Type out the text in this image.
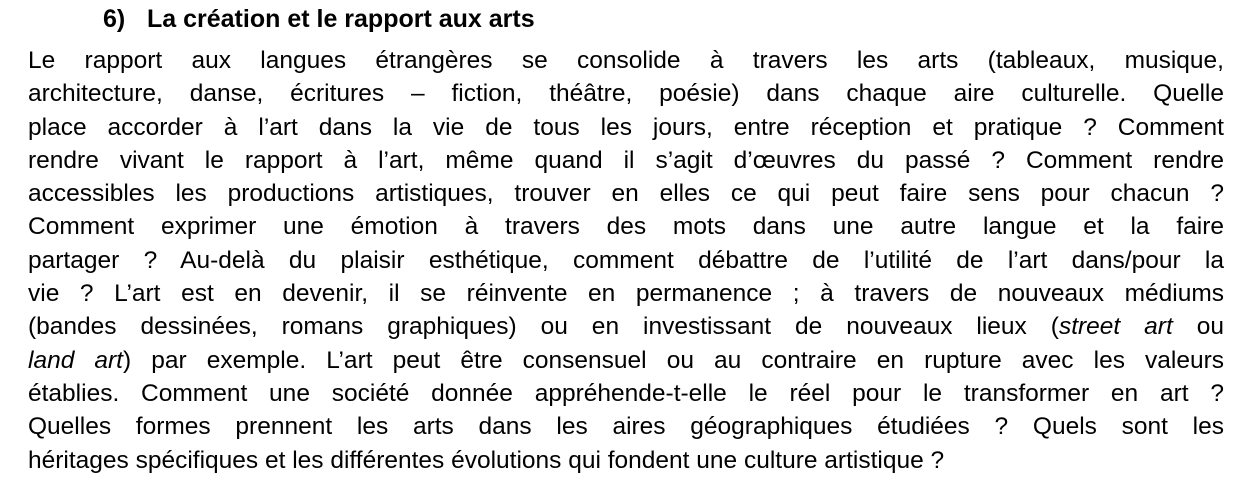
6) La création et le rapport aux arts
Le rapport aux langues étrangères se consolide à travers les arts (tableaux, musique,
architecture, danse, écritures – fiction, théâtre, poésie) dans chaque aire culturelle. Quelle
place accorder à l’art dans la vie de tous les jours, entre réception et pratique ? Comment
rendre vivant le rapport à l’art, même quand il s’agit d’œuvres du passé ? Comment rendre
accessibles les productions artistiques, trouver en elles ce qui peut faire sens pour chacun ?
Comment exprimer une émotion à travers des mots dans une autre langue et la faire
partager ? Au-delà du plaisir esthétique, comment débattre de l’utilité de l’art dans/pour la
vie ? L’art est en devenir, il se réinvente en permanence ; à travers de nouveaux médiums
(bandes dessinées, romans graphiques) ou en investissant de nouveaux lieux (street art ou
land art) par exemple. L’art peut être consensuel ou au contraire en rupture avec les valeurs
établies. Comment une société donnée appréhende-t-elle le réel pour le transformer en art ?
Quelles formes prennent les arts dans les aires géographiques étudiées ? Quels sont les
héritages spécifiques et les différentes évolutions qui fondent une culture artistique ?
